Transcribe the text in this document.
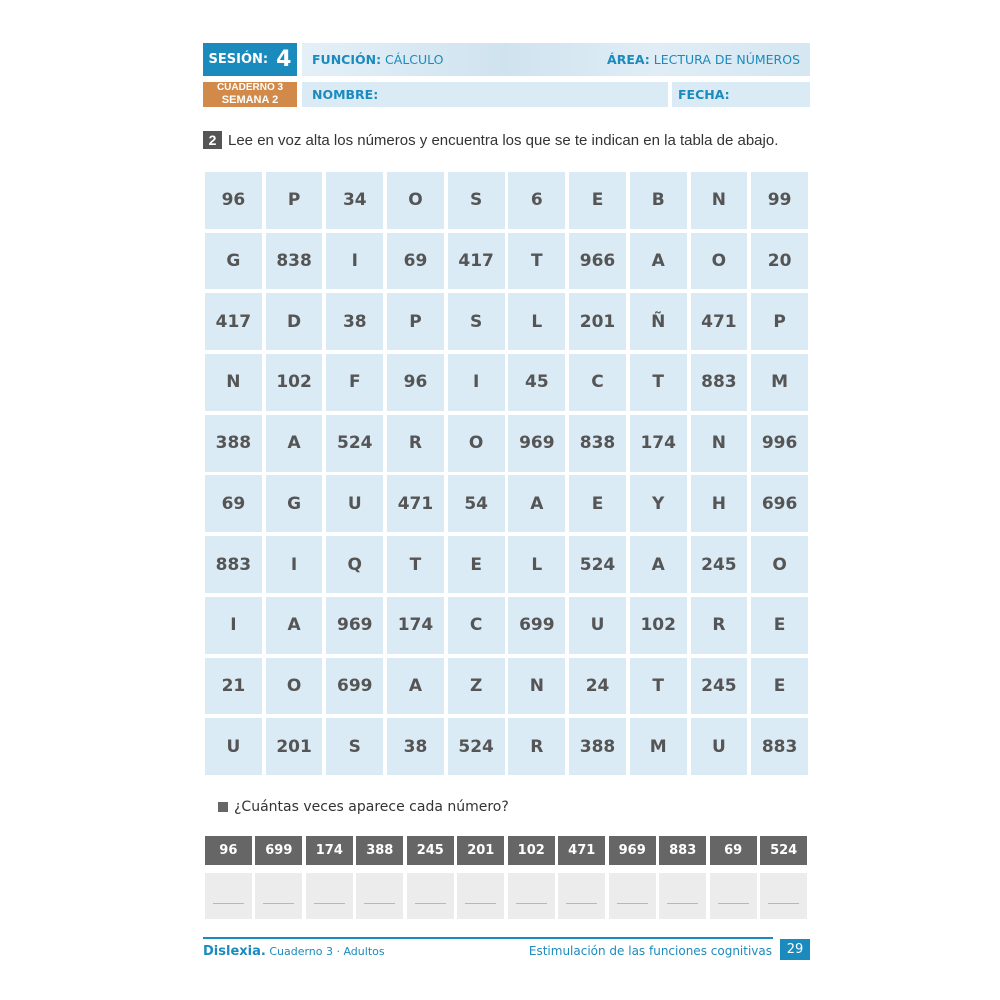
SESIÓN: 4 FUNCIÓN: CÁLCULO	ÁREA: LECTURA DE NÚMEROS
CUADERNO 3
SEMANA 2	NOMBRE:	FECHA:
2 Lee en voz alta los números y encuentra los que se te indican en la tabla de abajo.
96	P	34	O	S	6	E	B	N	99
G	838	I	69	417	T	966	A	O	20
417	D	38	P	S	L	201	Ñ	471	P
N	102	F	96	I	45	C	T	883	M
388	A	524	R	O	969	838	174	N	996
69	G	U	471	54	A	E	Y	H	696
883	I	Q	T	E	L	524	A	245	O
I	A	969	174	C	699	U	102	R	E
21	O	699	A	Z	N	24	T	245	E
U	201	S	38	524	R	388	M	U	883
¿Cuántas veces aparece cada número?
96	699	174	388	245	201	102	471	969	883	69	524
Dislexia. Cuaderno 3 · Adultos	Estimulación de las funciones cognitivas	29
